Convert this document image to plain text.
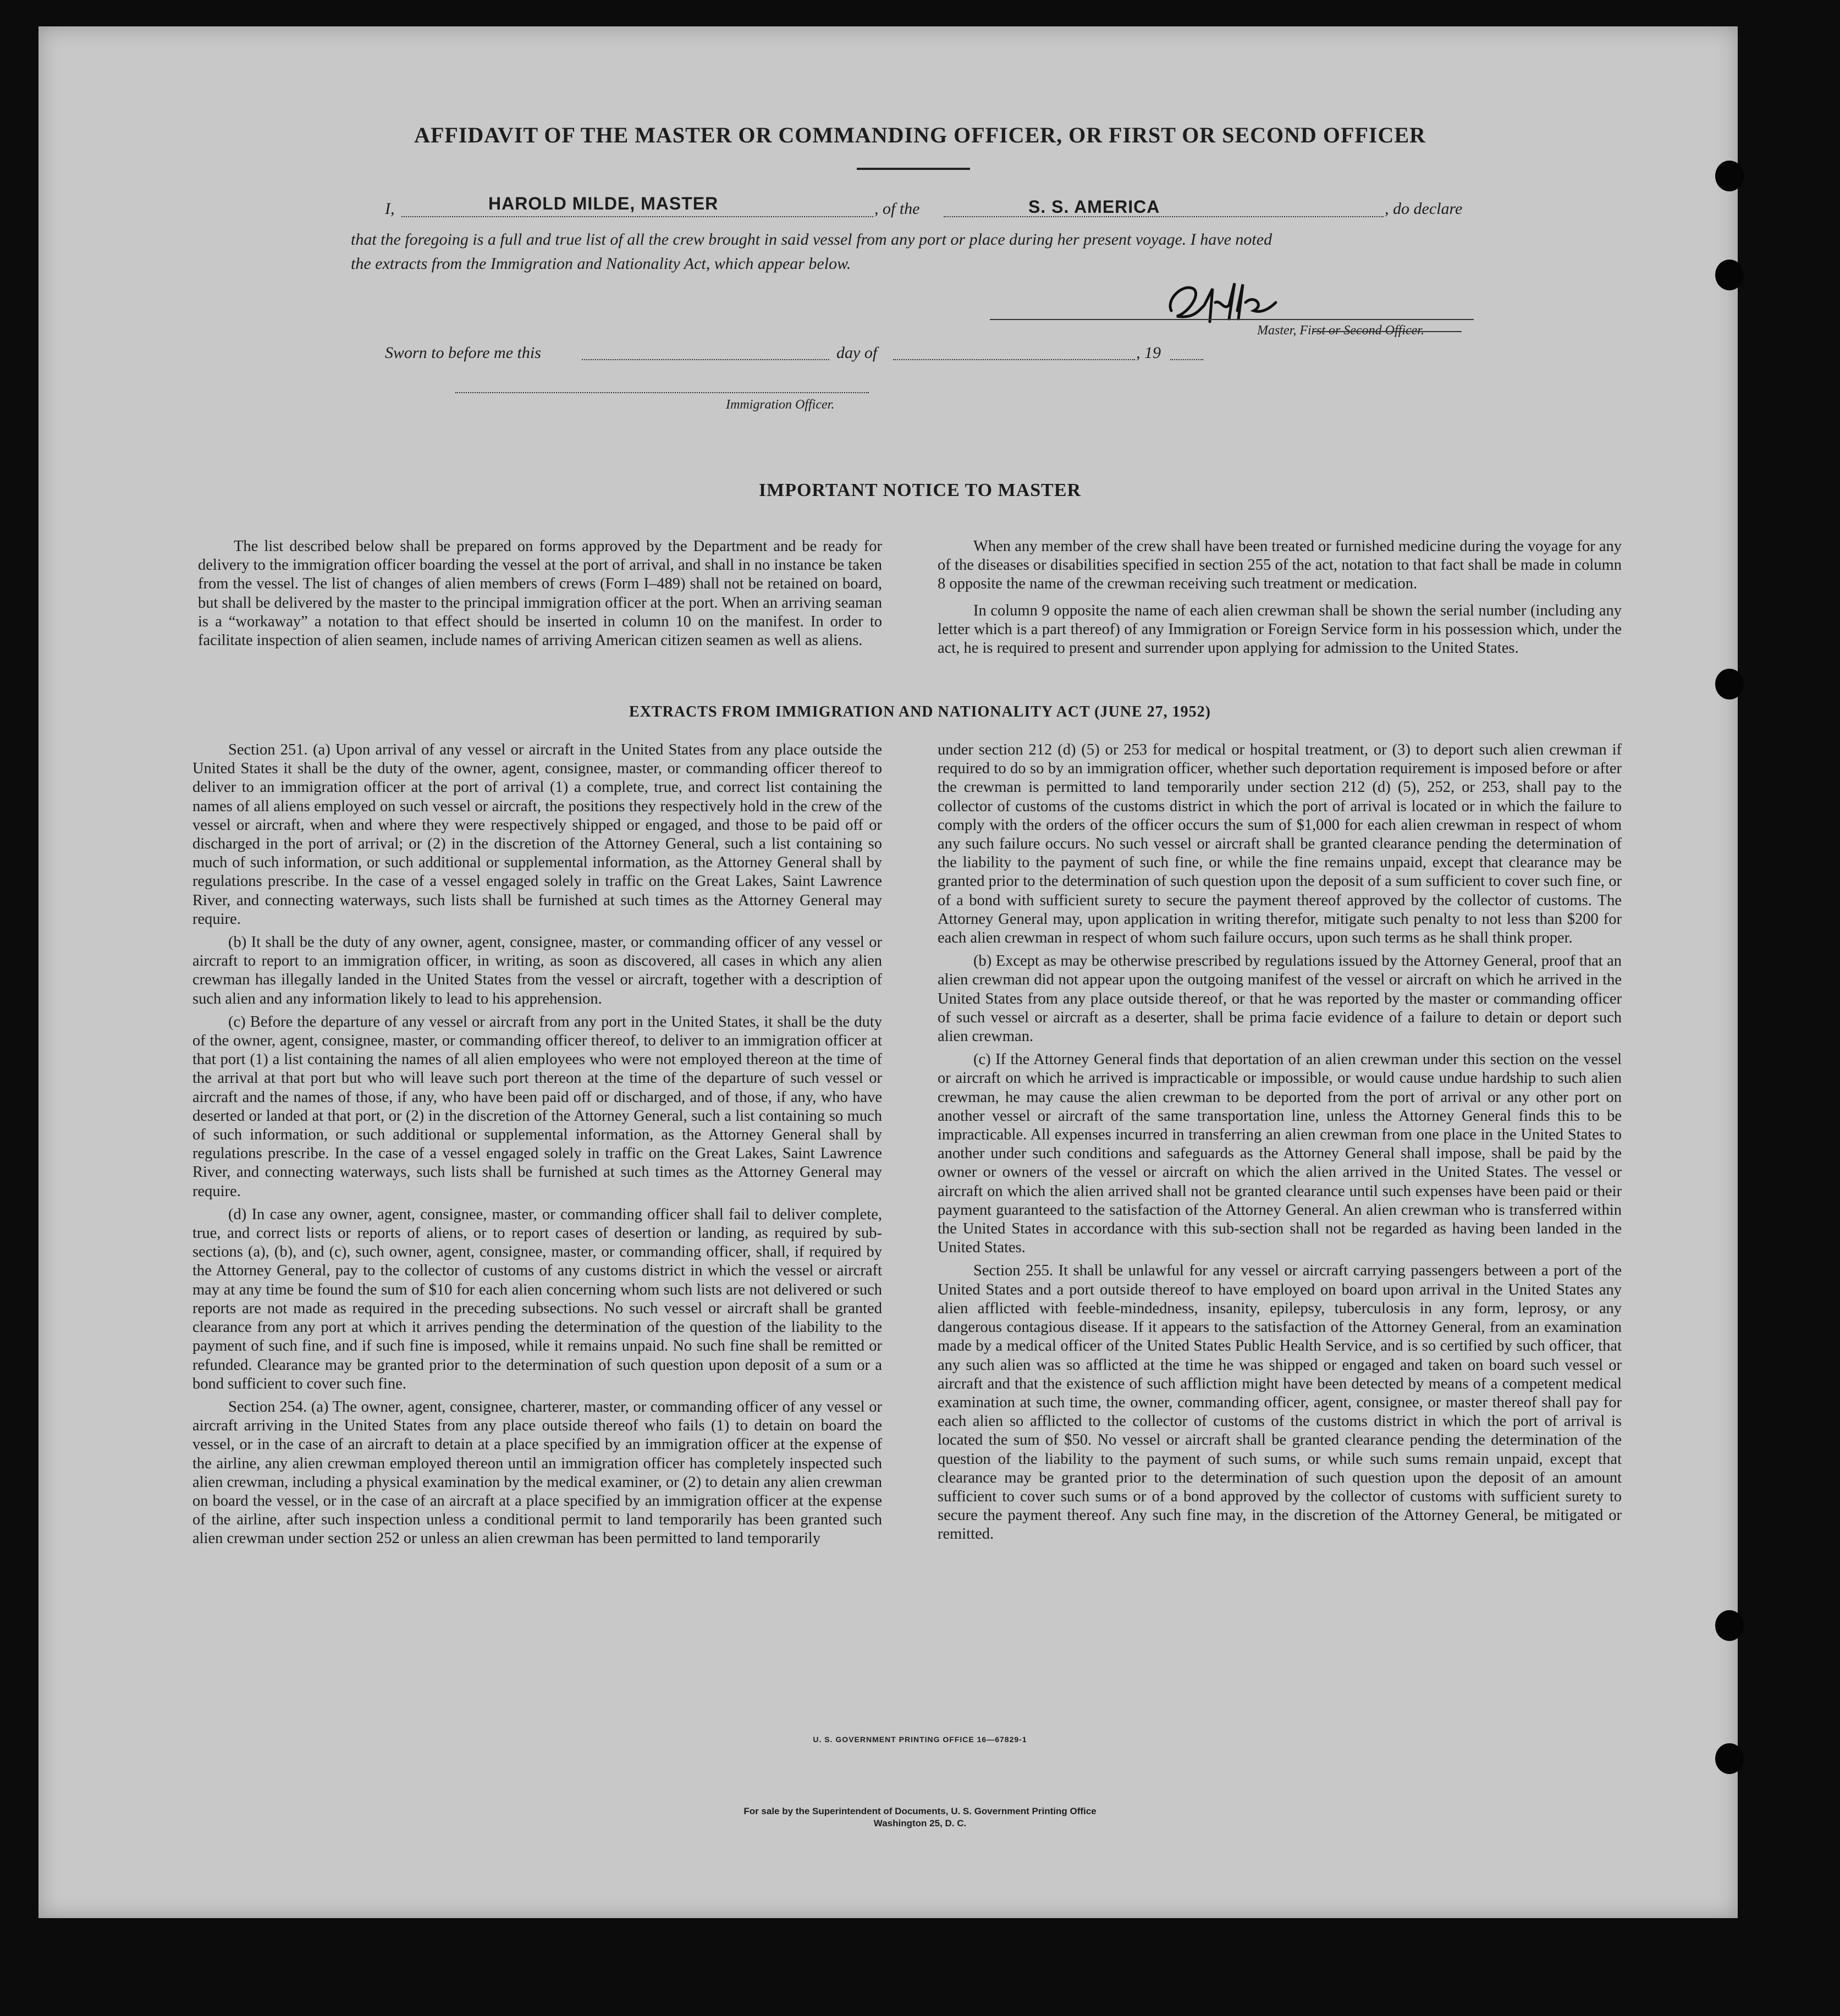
AFFIDAVIT OF THE MASTER OR COMMANDING OFFICER, OR FIRST OR SECOND OFFICER
I,	HAROLD MILDE, MASTER	, of the	S. S. AMERICA	, do declare
that the foregoing is a full and true list of all the crew brought in said vessel from any port or place during her present voyage. I have noted
the extracts from the Immigration and Nationality Act, which appear below.
Master, First or Second Officer.
Sworn to before me this	day of	, 19
Immigration Officer.
IMPORTANT NOTICE TO MASTER

The list described below shall be prepared on forms approved by the Department and be ready for delivery to the immigration officer boarding the vessel at the port of arrival, and shall in no instance be taken from the vessel. The list of changes of alien members of crews (Form I–489) shall not be retained on board, but shall be delivered by the master to the principal immigration officer at the port. When an arriving seaman is a “workaway” a notation to that effect should be inserted in column 10 on the manifest. In order to facilitate inspection of alien seamen, include names of arriving American citizen seamen as well as aliens.

When any member of the crew shall have been treated or furnished medicine during the voyage for any of the diseases or disabilities specified in section 255 of the act, notation to that fact shall be made in column 8 opposite the name of the crewman receiving such treatment or medication.

In column 9 opposite the name of each alien crewman shall be shown the serial number (including any letter which is a part thereof) of any Immigration or Foreign Service form in his possession which, under the act, he is required to present and surrender upon applying for admission to the United States.

EXTRACTS FROM IMMIGRATION AND NATIONALITY ACT (JUNE 27, 1952)

Section 251. (a) Upon arrival of any vessel or aircraft in the United States from any place outside the United States it shall be the duty of the owner, agent, consignee, master, or commanding officer thereof to deliver to an immigration officer at the port of arrival (1) a complete, true, and correct list containing the names of all aliens employed on such vessel or aircraft, the positions they respectively hold in the crew of the vessel or aircraft, when and where they were respectively shipped or engaged, and those to be paid off or discharged in the port of arrival; or (2) in the discretion of the Attorney General, such a list containing so much of such information, or such additional or supplemental information, as the Attorney General shall by regulations prescribe. In the case of a vessel engaged solely in traffic on the Great Lakes, Saint Lawrence River, and connecting waterways, such lists shall be furnished at such times as the Attorney General may require.

(b) It shall be the duty of any owner, agent, consignee, master, or commanding officer of any vessel or aircraft to report to an immigration officer, in writing, as soon as discovered, all cases in which any alien crewman has illegally landed in the United States from the vessel or aircraft, together with a description of such alien and any information likely to lead to his apprehension.

(c) Before the departure of any vessel or aircraft from any port in the United States, it shall be the duty of the owner, agent, consignee, master, or commanding officer thereof, to deliver to an immigration officer at that port (1) a list containing the names of all alien employees who were not employed thereon at the time of the arrival at that port but who will leave such port thereon at the time of the departure of such vessel or aircraft and the names of those, if any, who have been paid off or discharged, and of those, if any, who have deserted or landed at that port, or (2) in the discretion of the Attorney General, such a list containing so much of such information, or such additional or supplemental information, as the Attorney General shall by regulations prescribe. In the case of a vessel engaged solely in traffic on the Great Lakes, Saint Lawrence River, and connecting waterways, such lists shall be furnished at such times as the Attorney General may require.

(d) In case any owner, agent, consignee, master, or commanding officer shall fail to deliver complete, true, and correct lists or reports of aliens, or to report cases of desertion or landing, as required by sub-sections (a), (b), and (c), such owner, agent, consignee, master, or commanding officer, shall, if required by the Attorney General, pay to the collector of customs of any customs district in which the vessel or aircraft may at any time be found the sum of $10 for each alien concerning whom such lists are not delivered or such reports are not made as required in the preceding subsections. No such vessel or aircraft shall be granted clearance from any port at which it arrives pending the determination of the question of the liability to the payment of such fine, and if such fine is imposed, while it remains unpaid. No such fine shall be remitted or refunded. Clearance may be granted prior to the determination of such question upon deposit of a sum or a bond sufficient to cover such fine.

Section 254. (a) The owner, agent, consignee, charterer, master, or commanding officer of any vessel or aircraft arriving in the United States from any place outside thereof who fails (1) to detain on board the vessel, or in the case of an aircraft to detain at a place specified by an immigration officer at the expense of the airline, any alien crewman employed thereon until an immigration officer has completely inspected such alien crewman, including a physical examination by the medical examiner, or (2) to detain any alien crewman on board the vessel, or in the case of an aircraft at a place specified by an immigration officer at the expense of the airline, after such inspection unless a conditional permit to land temporarily has been granted such alien crewman under section 252 or unless an alien crewman has been permitted to land temporarily

under section 212 (d) (5) or 253 for medical or hospital treatment, or (3) to deport such alien crewman if required to do so by an immigration officer, whether such deportation requirement is imposed before or after the crewman is permitted to land temporarily under section 212 (d) (5), 252, or 253, shall pay to the collector of customs of the customs district in which the port of arrival is located or in which the failure to comply with the orders of the officer occurs the sum of $1,000 for each alien crewman in respect of whom any such failure occurs. No such vessel or aircraft shall be granted clearance pending the determination of the liability to the payment of such fine, or while the fine remains unpaid, except that clearance may be granted prior to the determination of such question upon the deposit of a sum sufficient to cover such fine, or of a bond with sufficient surety to secure the payment thereof approved by the collector of customs. The Attorney General may, upon application in writing therefor, mitigate such penalty to not less than $200 for each alien crewman in respect of whom such failure occurs, upon such terms as he shall think proper.

(b) Except as may be otherwise prescribed by regulations issued by the Attorney General, proof that an alien crewman did not appear upon the outgoing manifest of the vessel or aircraft on which he arrived in the United States from any place outside thereof, or that he was reported by the master or commanding officer of such vessel or aircraft as a deserter, shall be prima facie evidence of a failure to detain or deport such alien crewman.

(c) If the Attorney General finds that deportation of an alien crewman under this section on the vessel or aircraft on which he arrived is impracticable or impossible, or would cause undue hardship to such alien crewman, he may cause the alien crewman to be deported from the port of arrival or any other port on another vessel or aircraft of the same transportation line, unless the Attorney General finds this to be impracticable. All expenses incurred in transferring an alien crewman from one place in the United States to another under such conditions and safeguards as the Attorney General shall impose, shall be paid by the owner or owners of the vessel or aircraft on which the alien arrived in the United States. The vessel or aircraft on which the alien arrived shall not be granted clearance until such expenses have been paid or their payment guaranteed to the satisfaction of the Attorney General. An alien crewman who is transferred within the United States in accordance with this sub-section shall not be regarded as having been landed in the United States.

Section 255. It shall be unlawful for any vessel or aircraft carrying passengers between a port of the United States and a port outside thereof to have employed on board upon arrival in the United States any alien afflicted with feeble-mindedness, insanity, epilepsy, tuberculosis in any form, leprosy, or any dangerous contagious disease. If it appears to the satisfaction of the Attorney General, from an examination made by a medical officer of the United States Public Health Service, and is so certified by such officer, that any such alien was so afflicted at the time he was shipped or engaged and taken on board such vessel or aircraft and that the existence of such affliction might have been detected by means of a competent medical examination at such time, the owner, commanding officer, agent, consignee, or master thereof shall pay for each alien so afflicted to the collector of customs of the customs district in which the port of arrival is located the sum of $50. No vessel or aircraft shall be granted clearance pending the determination of the question of the liability to the payment of such sums, or while such sums remain unpaid, except that clearance may be granted prior to the determination of such question upon the deposit of an amount sufficient to cover such sums or of a bond approved by the collector of customs with sufficient surety to secure the payment thereof. Any such fine may, in the discretion of the Attorney General, be mitigated or remitted.

U. S. GOVERNMENT PRINTING OFFICE 16—67829-1
For sale by the Superintendent of Documents, U. S. Government Printing Office
Washington 25, D. C.
